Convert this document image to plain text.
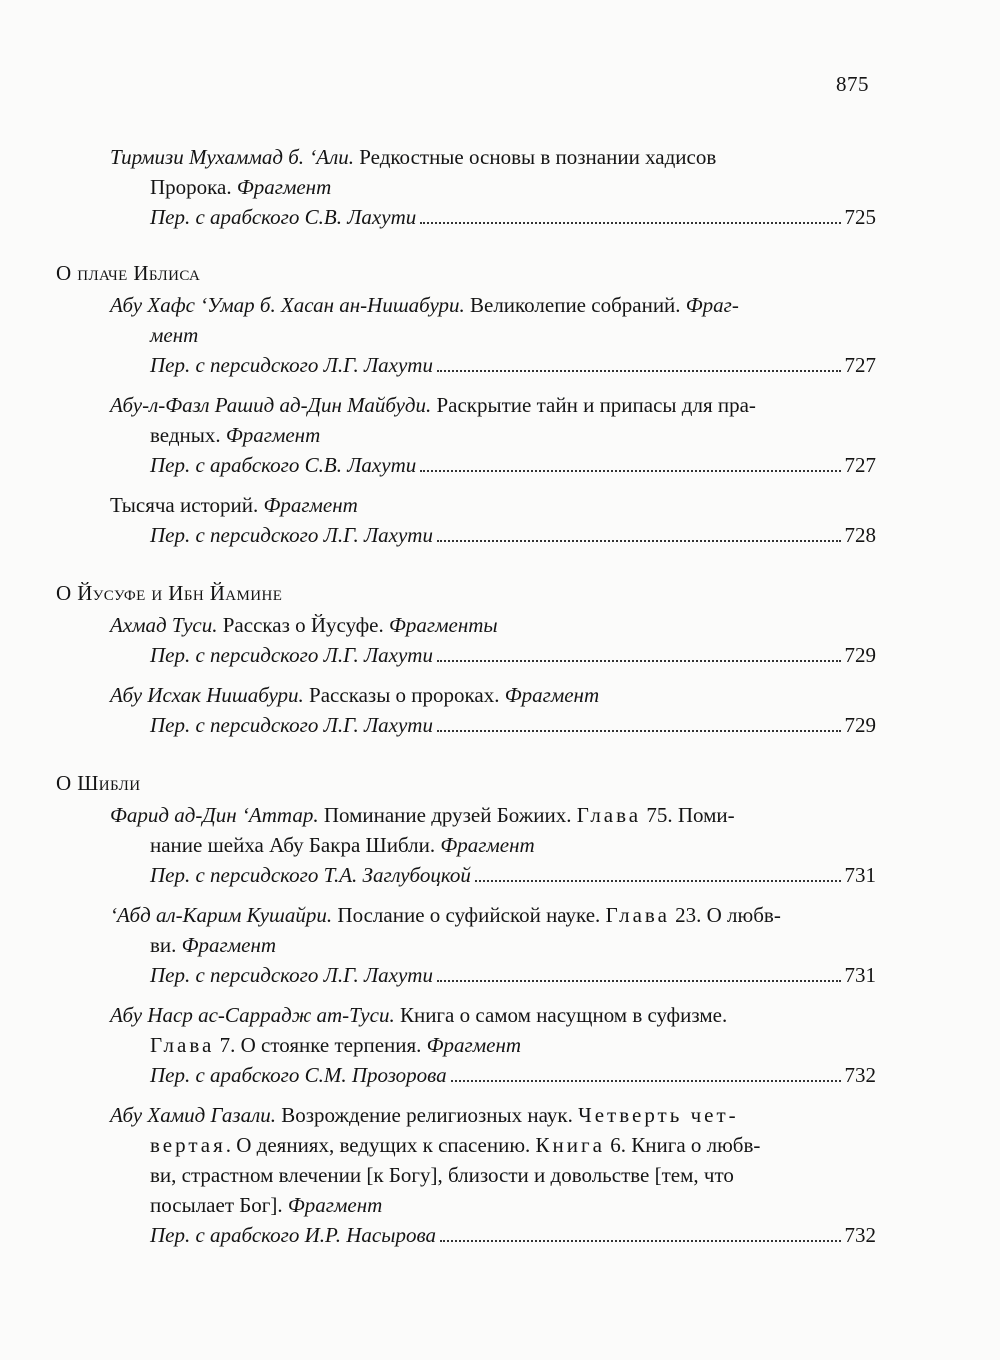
875
Тирмизи Мухаммад б. ‘Али. Редкостные основы в познании хадисов
Пророка. Фрагмент
Пер. с арабского С.В. Лахути	725
О плаче Иблиса
Абу Хафс ‘Умар б. Хасан ан-Нишабури. Великолепие собраний. Фраг-
мент
Пер. с персидского Л.Г. Лахути	727
Абу-л-Фазл Рашид ад-Дин Майбуди. Раскрытие тайн и припасы для пра-
ведных. Фрагмент
Пер. с арабского С.В. Лахути	727
Тысяча историй. Фрагмент
Пер. с персидского Л.Г. Лахути	728
О Йусуфе и Ибн Йамине
Ахмад Туси. Рассказ о Йусуфе. Фрагменты
Пер. с персидского Л.Г. Лахути	729
Абу Исхак Нишабури. Рассказы о пророках. Фрагмент
Пер. с персидского Л.Г. Лахути	729
О Шибли
Фарид ад-Дин ‘Аттар. Поминание друзей Божиих. Глава 75. Поми-
нание шейха Абу Бакра Шибли. Фрагмент
Пер. с персидского Т.А. Заглубоцкой	731
‘Абд ал-Карим Кушайри. Послание о суфийской науке. Глава 23. О любв-
ви. Фрагмент
Пер. с персидского Л.Г. Лахути	731
Абу Наср ас-Саррадж ат-Туси. Книга о самом насущном в суфизме.
Глава 7. О стоянке терпения. Фрагмент
Пер. с арабского С.М. Прозорова	732
Абу Хамид Газали. Возрождение религиозных наук. Четверть чет-
вертая. О деяниях, ведущих к спасению. Книга 6. Книга о любв-
ви, страстном влечении [к Богу], близости и довольстве [тем, что
посылает Бог]. Фрагмент
Пер. с арабского И.Р. Насырова	732
